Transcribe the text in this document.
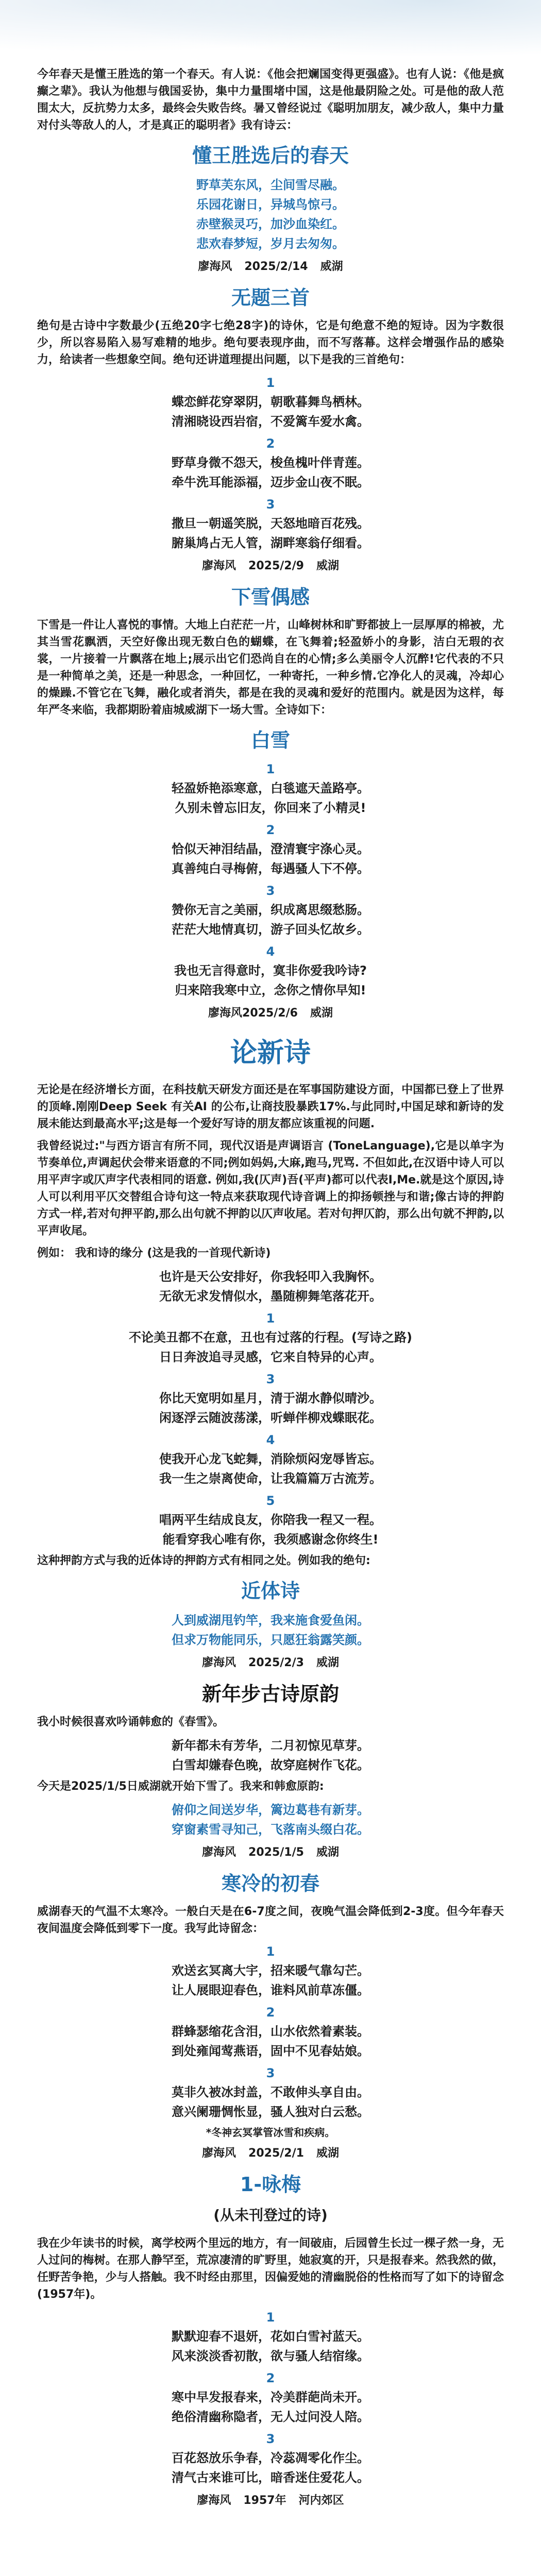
今年春天是懂王胜选的第一个春天。有人说：《他会把斓国变得更强盛》。也有人说：《他是疯癫之辈》。我认为他想与俄国妥协，集中力量围堵中国，这是他最阴险之处。可是他的敌人范围太大，反抗势力太多，最终会失败告终。暑又曾经说过《聪明加朋友，减少敌人，集中力量对付头等敌人的人，才是真正的聪明者》我有诗云：

懂王胜选后的春天
野草芙东风，尘间雪尽融。
乐园花谢日，异城鸟惊弓。
赤壁猴灵巧，加沙血染红。
悲欢春梦短，岁月去匆匆。
廖海风 2025/2/14 威湖
无题三首

绝句是古诗中字数最少(五绝20字七绝28字)的诗休，它是句绝意不绝的短诗。因为字数很少，所以容易陷入易写难精的地步。绝句要表现序曲，而不写落幕。这样会增强作品的感染力，给读者一些想象空间。绝句还讲道理提出问题，以下是我的三首绝句：

1
蝶恋鲜花穿翠阴，朝歌暮舞鸟栖林。
清湘晓设西岩宿，不爱篱车爱水禽。
2
野草身微不怨天，梭鱼槐叶伴青莲。
牵牛洗耳能添福，迈步金山夜不眠。
3
撒旦一朝遥笑脱，天怒地暗百花残。
腑巢鸠占无人管，湖畔寒翁仔细看。
廖海风 2025/2/9 威湖
下雪偶感

下雪是一件让人喜悦的事情。大地上白茫茫一片，山峰树林和旷野都披上一层厚厚的棉被，尤其当雪花飘洒，天空好像出现无数白色的蝴蝶，在飞舞着;轻盈娇小的身影，洁白无瑕的衣裳，一片接着一片飘落在地上;展示出它们恐尚自在的心情;多么美丽令人沉醉!它代表的不只是一种简单之美，还是一种思念，一种回忆，一种寄托，一种乡情.它净化人的灵魂，冷却心的燥躁.不管它在飞舞，融化或者消失，都是在我的灵魂和爱好的范围内。就是因为这样，每年严冬来临，我都期盼着庙城威湖下一场大雪。全诗如下：

白雪
1
轻盈娇艳添寒意，白毯遮天盖路亭。
久别未曾忘旧友，你回来了小精灵!
2
恰似天神泪结晶，澄清寰宇涤心灵。
真善纯白寻梅俯，每遇骚人下不停。
3
赞你无言之美丽，织成离思缀愁肠。
茫茫大地情真切，游子回头忆故乡。
4
我也无言得意时，寞非你爱我吟诗?
归来陪我寒中立，念你之情你早知!
廖海风2025/2/6 威湖
论新诗

无论是在经济增长方面，在科技航天研发方面还是在军事国防建设方面，中国都已登上了世界的顶峰.刚刚Deep Seek 有关AI 的公布,让商技股暴跌17%.与此同时,中国足球和新诗的发展未能达到最高水平;这是每一个爱好写诗的朋友都应该重视的问题.

我曾经说过:"与西方语言有所不同，现代汉语是声调语言 (ToneLanguage),它是以单字为节奏单位,声调起伏会带来语意的不同;例如妈妈,大麻,跑马,咒骂. 不但如此,在汉语中诗人可以用平声字或仄声字代表相同的语意. 例如,我(仄声)吾(平声)都可以代表I,Me.就是这个原因,诗人可以利用平仄交替组合诗句这一特点来获取现代诗音调上的抑扬顿挫与和谐;像古诗的押韵方式一样,若对句押平韵,那么出句就不押韵以仄声收尾。若对句押仄韵，那么出句就不押韵,以平声收尾。

例如： 我和诗的缘分 (这是我的一首现代新诗)

也许是天公安排好，你我轻叩入我胸怀。
无欲无求发情似水，墨随柳舞笔落花开。
1
不论美丑都不在意，丑也有过落的行程。(写诗之路)
日日奔波追寻灵感，它来自特异的心声。
3
你比天宽明如星月，清于湖水静似晴沙。
闲逐浮云随波荡漾，听蝉伴柳戏蝶眠花。
4
使我开心龙飞蛇舞，消除烦闷宠辱皆忘。
我一生之崇离使命，让我篇篇万古流芳。
5
唱两平生结成良友，你陪我一程又一程。
能看穿我心唯有你，我须感谢念你终生!

这种押韵方式与我的近体诗的押韵方式有相同之处。例如我的绝句:

近体诗
人到威湖甩钓竿，我来施食爱鱼闲。
但求万物能同乐，只愿狂翁露笑颜。
廖海风 2025/2/3 威湖
新年步古诗原韵

我小时候很喜欢吟诵韩愈的《春雪》。

新年都未有芳华，二月初惊见草芽。
白雪却嫌春色晚，故穿庭树作飞花。

今天是2025/1/5日威湖就开始下雪了。我来和韩愈原韵:

俯仰之间送岁华，篱边葛巷有新芽。
穿窗素雪寻知己，飞落南头缀白花。
廖海风 2025/1/5 威湖
寒冷的初春

威湖春天的气温不太寒冷。一般白天是在6-7度之间，夜晚气温会降低到2-3度。但今年春天夜间温度会降低到零下一度。我写此诗留念：

1
欢送玄冥离大宇，招来暖气靠勾芒。
让人展眼迎春色，谁料风前草冻僵。
2
群蜂瑟缩花含泪，山水依然着素装。
到处雍闻莺燕语，固中不见春姑娘。
3
莫非久被冰封盖，不敢伸头享自由。
意兴阑珊惆怅显，骚人独对白云愁。
*冬神玄冥掌管冰雪和疾病。
廖海风 2025/2/1 威湖
1-咏梅
(从未刊登过的诗)

我在少年读书的时候，离学校两个里远的地方，有一间破庙，后园曾生长过一棵孑然一身，无人过问的梅树。在那人静罕至，荒凉凄清的旷野里，她寂寞的开，只是报春来。然我然的做，任野苦争艳，少与人搭触。我不时经由那里，因偏爱她的清幽脱俗的性格而写了如下的诗留念(1957年)。

1
默默迎春不退妍，花如白雪衬蓝天。
风来淡淡香初散，欲与骚人结宿缘。
2
寒中早发报春来，冷美群葩尚未开。
绝俗清幽称隐者，无人过问没人陪。
3
百花怒放乐争春，冷蕊凋零化作尘。
清气古来谁可比，暗香迷住爱花人。
廖海风 1957年 河内郊区
